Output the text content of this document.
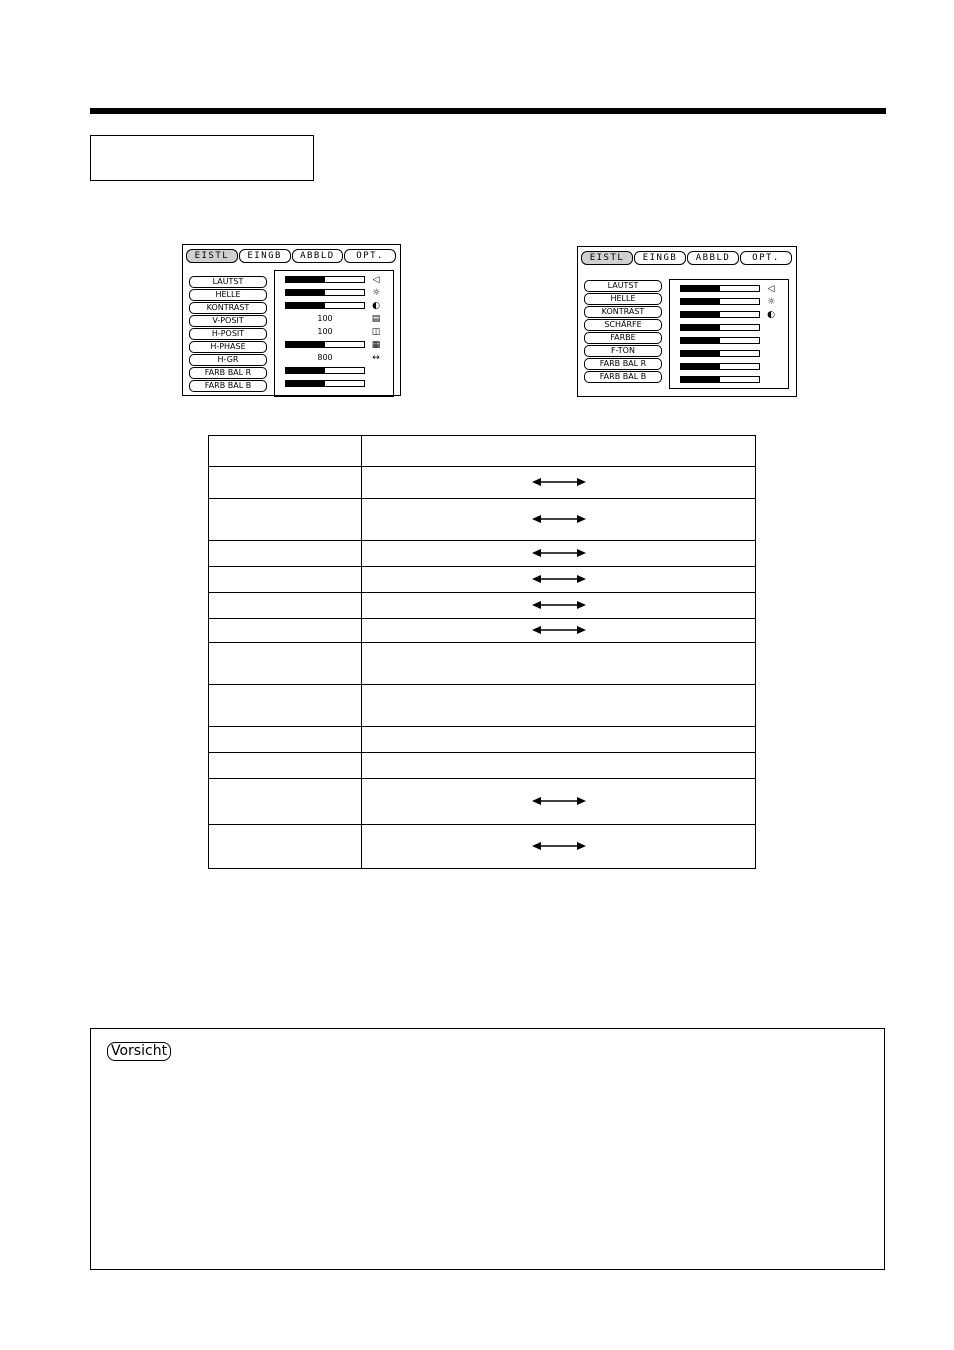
EISTL	EINGB	ABBLD	OPT.
LAUTST
HELLE
KONTRAST
V-POSIT
H-POSIT
H-PHASE
H-GR
FARB BAL R
FARB BAL B
◁
☼
◐
100	▤
100	◫
▦
800	↔
EISTL	EINGB	ABBLD	OPT.
LAUTST
HELLE
KONTRAST
SCHÄRFE
FARBE
F-TON
FARB BAL R
FARB BAL B
◁
☼
◐

Vorsicht
